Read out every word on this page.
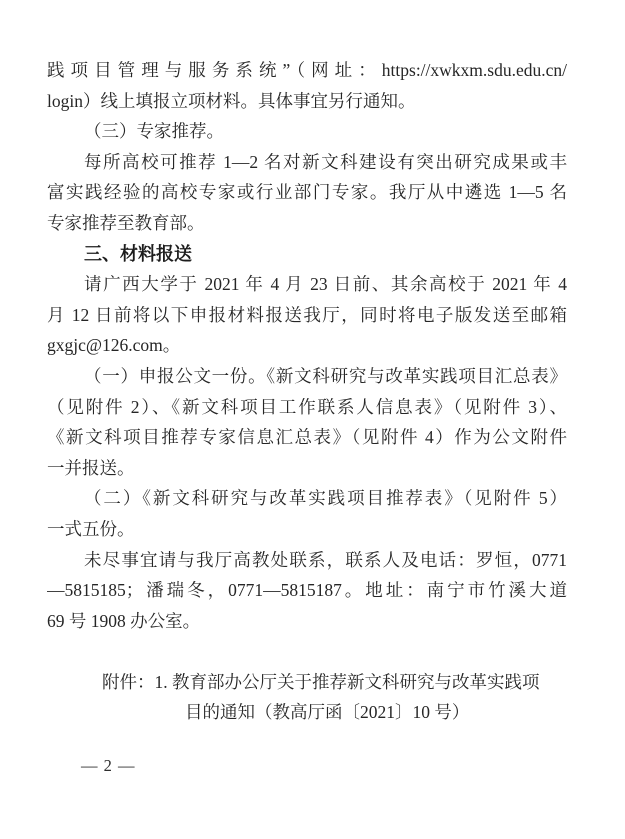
践项目管理与服务系统”（网址：https://xwkxm.sdu.edu.cn/
login）线上填报立项材料。具体事宜另行通知。
（三）专家推荐。
每所高校可推荐 1—2 名对新文科建设有突出研究成果或丰
富实践经验的高校专家或行业部门专家。我厅从中遴选 1—5 名
专家推荐至教育部。
三、材料报送
请广西大学于 2021 年 4 月 23 日前、其余高校于 2021 年 4
月 12 日前将以下申报材料报送我厅，同时将电子版发送至邮箱
gxgjc@126.com。
（一）申报公文一份。《新文科研究与改革实践项目汇总表》
（见附件 2）、《新文科项目工作联系人信息表》（见附件 3）、
《新文科项目推荐专家信息汇总表》（见附件 4）作为公文附件
一并报送。
（二）《新文科研究与改革实践项目推荐表》（见附件 5）
一式五份。
未尽事宜请与我厅高教处联系，联系人及电话：罗恒，0771
—5815185；潘瑞冬，0771—5815187。地址：南宁市竹溪大道
69 号 1908 办公室。
附件：1. 教育部办公厅关于推荐新文科研究与改革实践项
目的通知（教高厅函〔2021〕10 号）
— 2 —
